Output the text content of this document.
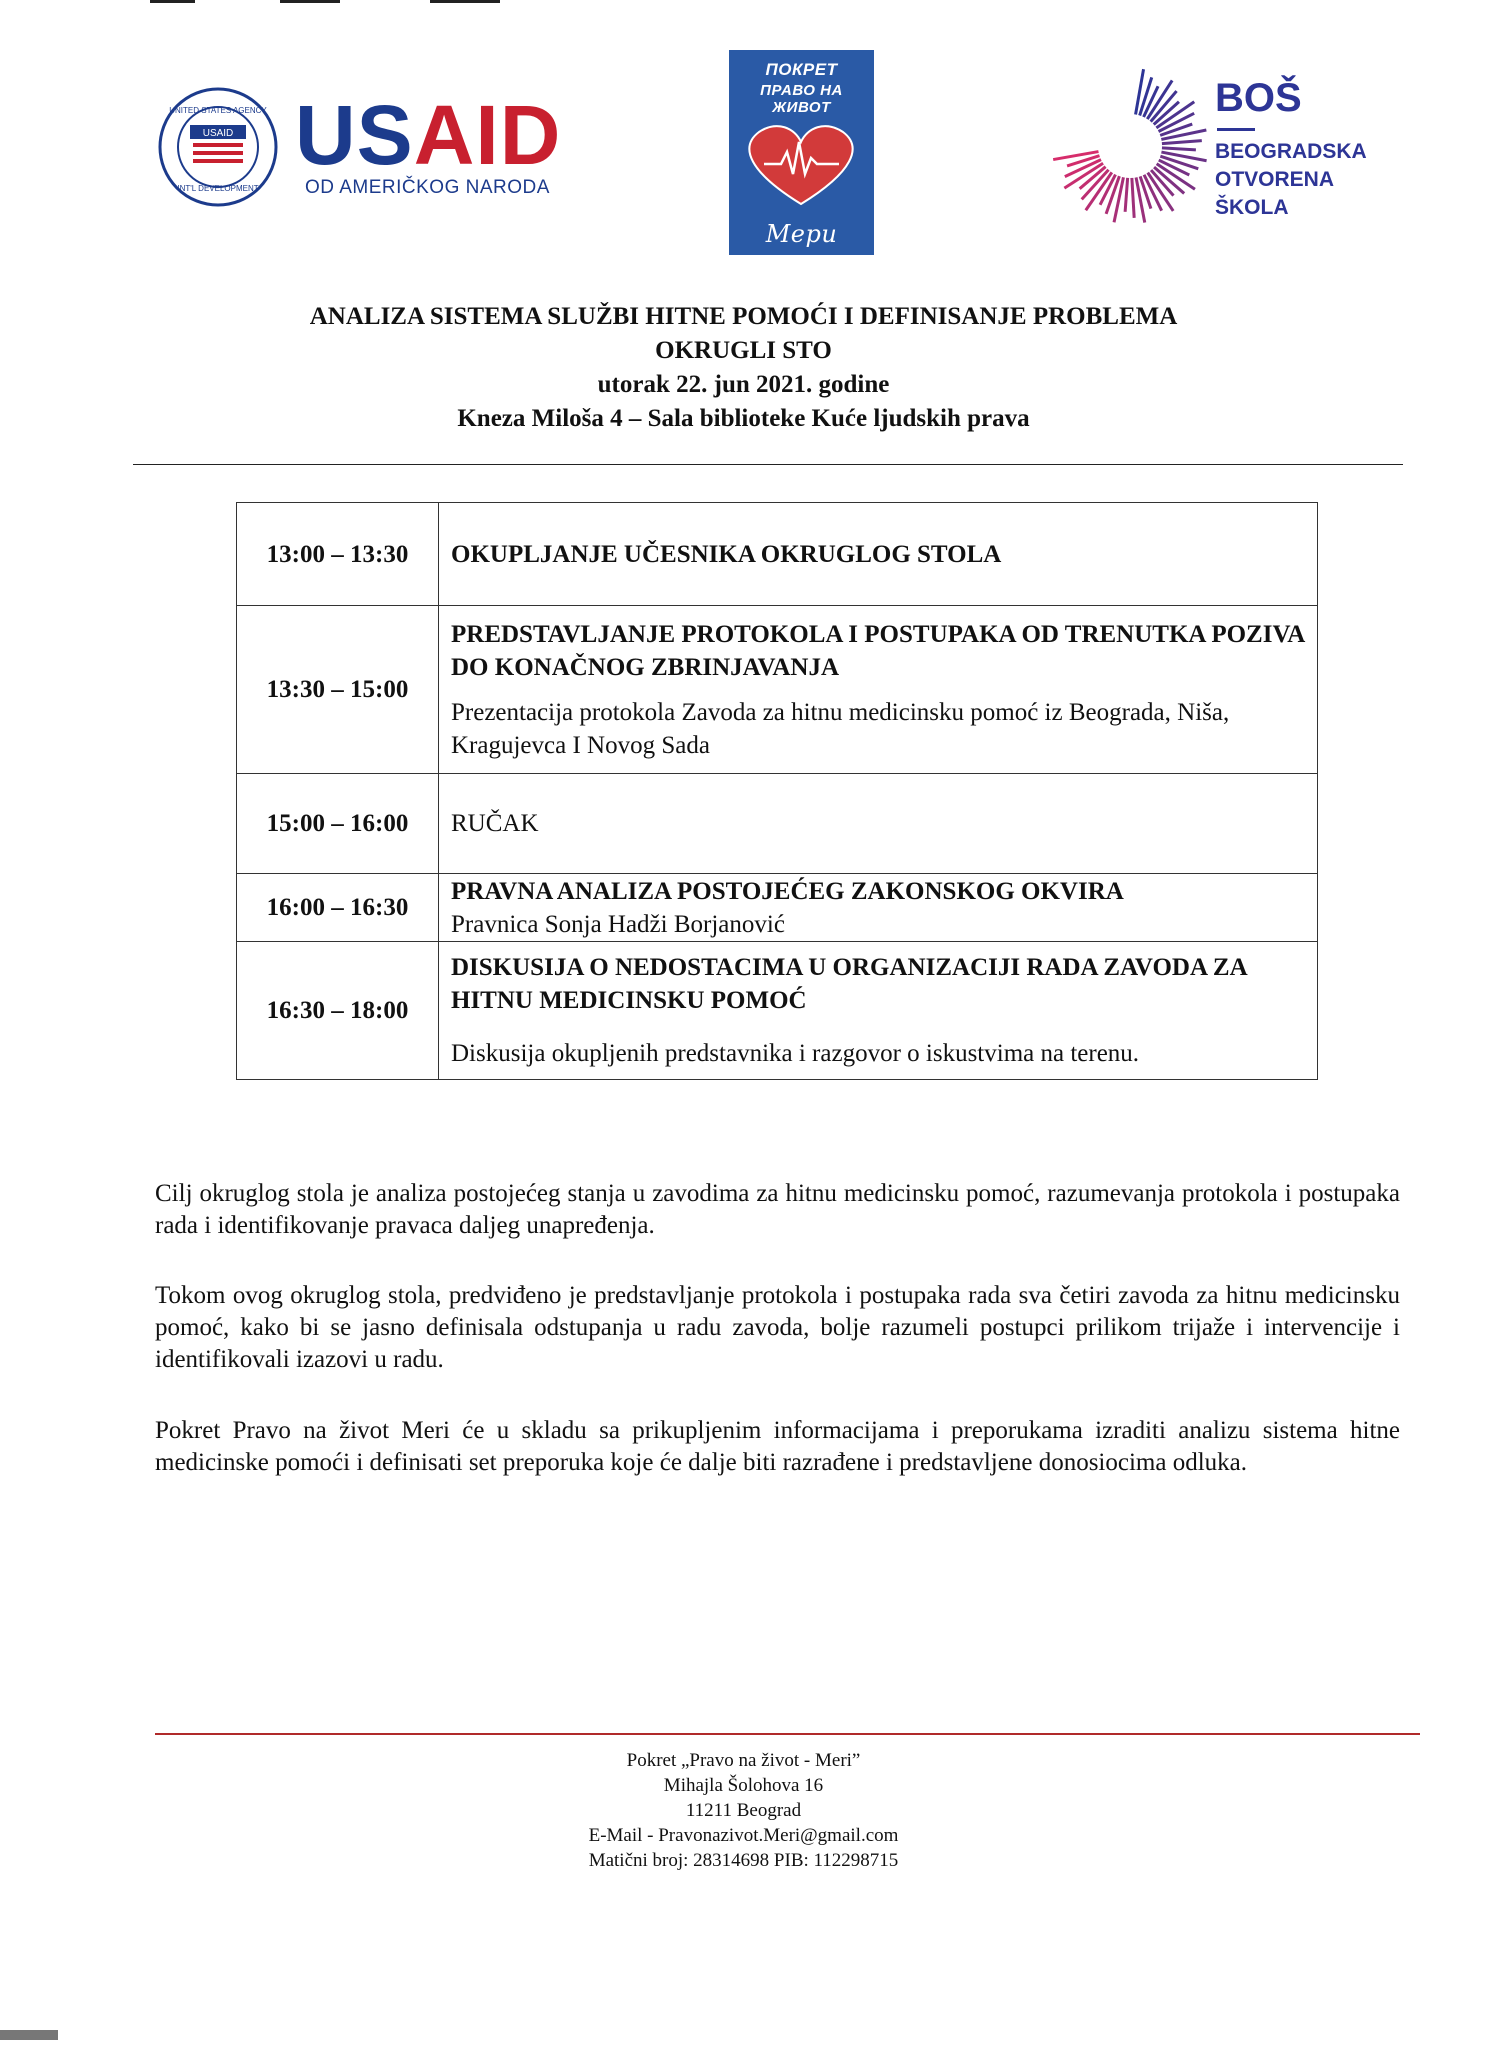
UNITED STATES AGENCY
INT'L DEVELOPMENT
USAID USAID
OD AMERIČKOG NARODA
ПОКРЕТ
ПРАВО НА ЖИВОТ
Мери
BOŠ
BEOGRADSKA
OTVORENA
ŠKOLA
ANALIZA SISTEMA SLUŽBI HITNE POMOĆI I DEFINISANJE PROBLEMA
OKRUGLI STO
utorak 22. jun 2021. godine
Kneza Miloša 4 – Sala biblioteke Kuće ljudskih prava
13:00 – 13:30	OKUPLJANJE UČESNIKA OKRUGLOG STOLA

13:30 – 15:00	PREDSTAVLJANJE PROTOKOLA I POSTUPAKA OD TRENUTKA POZIVA DO KONAČNOG ZBRINJAVANJA
Prezentacija protokola Zavoda za hitnu medicinsku pomoć iz Beograda, Niša, Kragujevca I Novog Sada

15:00 – 16:00	RUČAK

16:00 – 16:30	PRAVNA ANALIZA POSTOJEĆEG ZAKONSKOG OKVIRA
Pravnica Sonja Hadži Borjanović

16:30 – 18:00	DISKUSIJA O NEDOSTACIMA U ORGANIZACIJI RADA ZAVODA ZA HITNU MEDICINSKU POMOĆ
Diskusija okupljenih predstavnika i razgovor o iskustvima na terenu.
Cilj okruglog stola je analiza postojećeg stanja u zavodima za hitnu medicinsku pomoć, razumevanja protokola i postupaka rada i identifikovanje pravaca daljeg unapređenja.
Tokom ovog okruglog stola, predviđeno je predstavljanje protokola i postupaka rada sva četiri zavoda za hitnu medicinsku pomoć, kako bi se jasno definisala odstupanja u radu zavoda, bolje razumeli postupci prilikom trijaže i intervencije i identifikovali izazovi u radu.
Pokret Pravo na život Meri će u skladu sa prikupljenim informacijama i preporukama izraditi analizu sistema hitne medicinske pomoći i definisati set preporuka koje će dalje biti razrađene i predstavljene donosiocima odluka.
Pokret „Pravo na život - Meri”
Mihajla Šolohova 16
11211 Beograd
E-Mail - Pravonazivot.Meri@gmail.com
Matični broj: 28314698 PIB: 112298715
